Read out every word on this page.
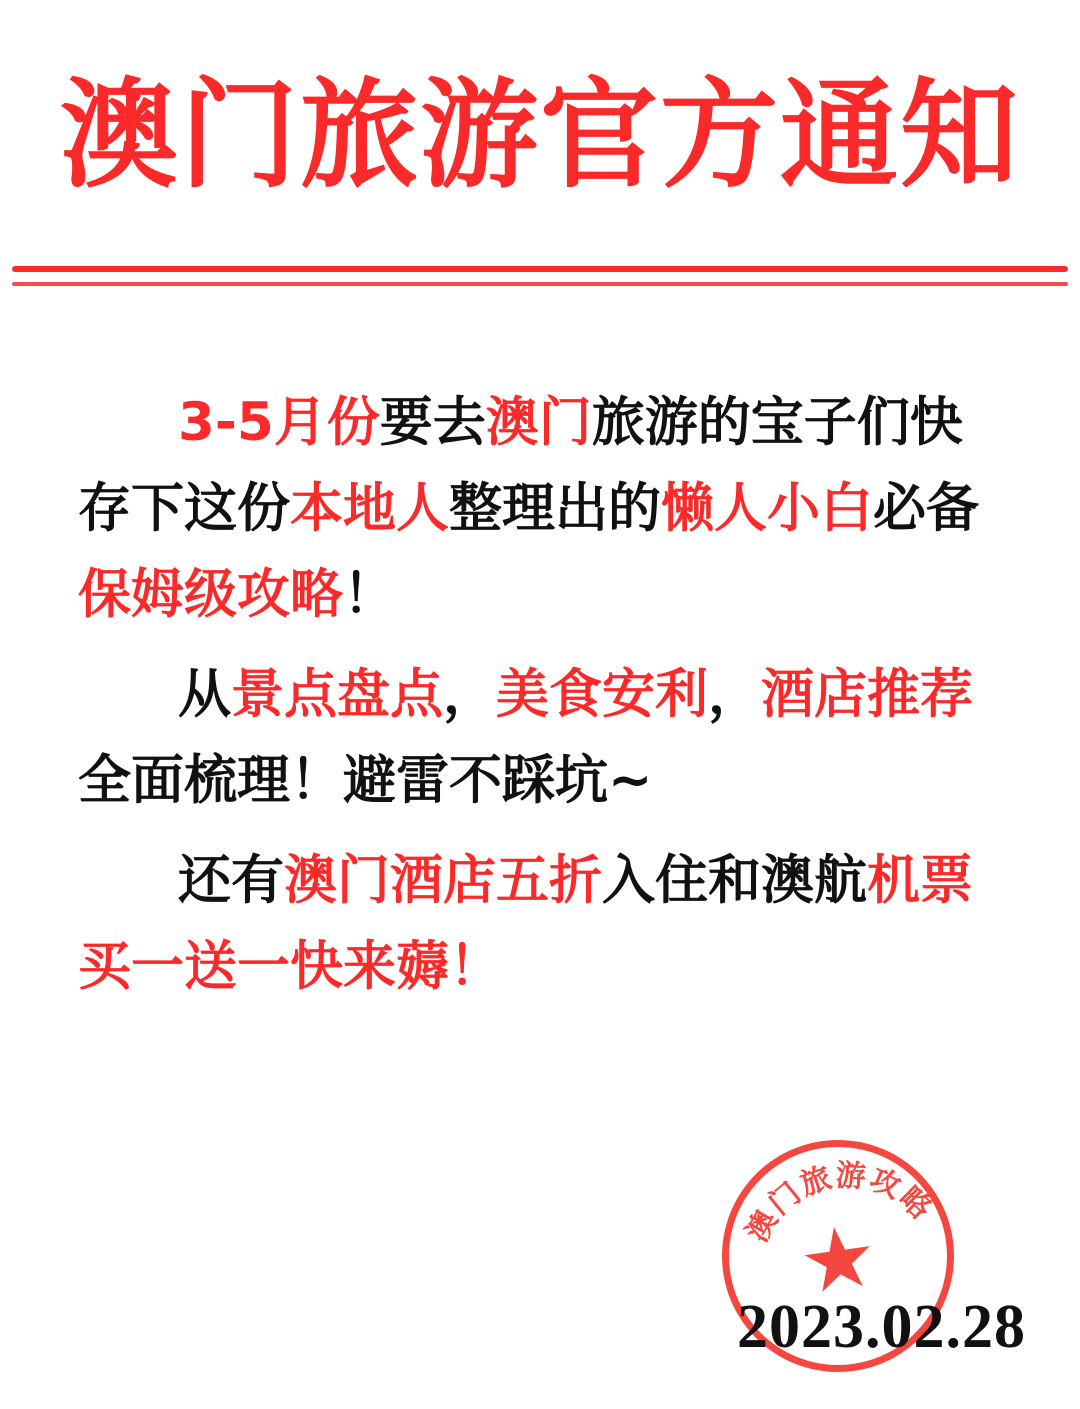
澳门旅游官方通知

3-5月份要去澳门旅游的宝子们快存下这份本地人整理出的懒人小白必备保姆级攻略！

从景点盘点，美食安利，酒店推荐全面梳理！避雷不踩坑~

还有澳门酒店五折入住和澳航机票买一送一快来薅！

澳门旅游攻略
★
2023.02.28
